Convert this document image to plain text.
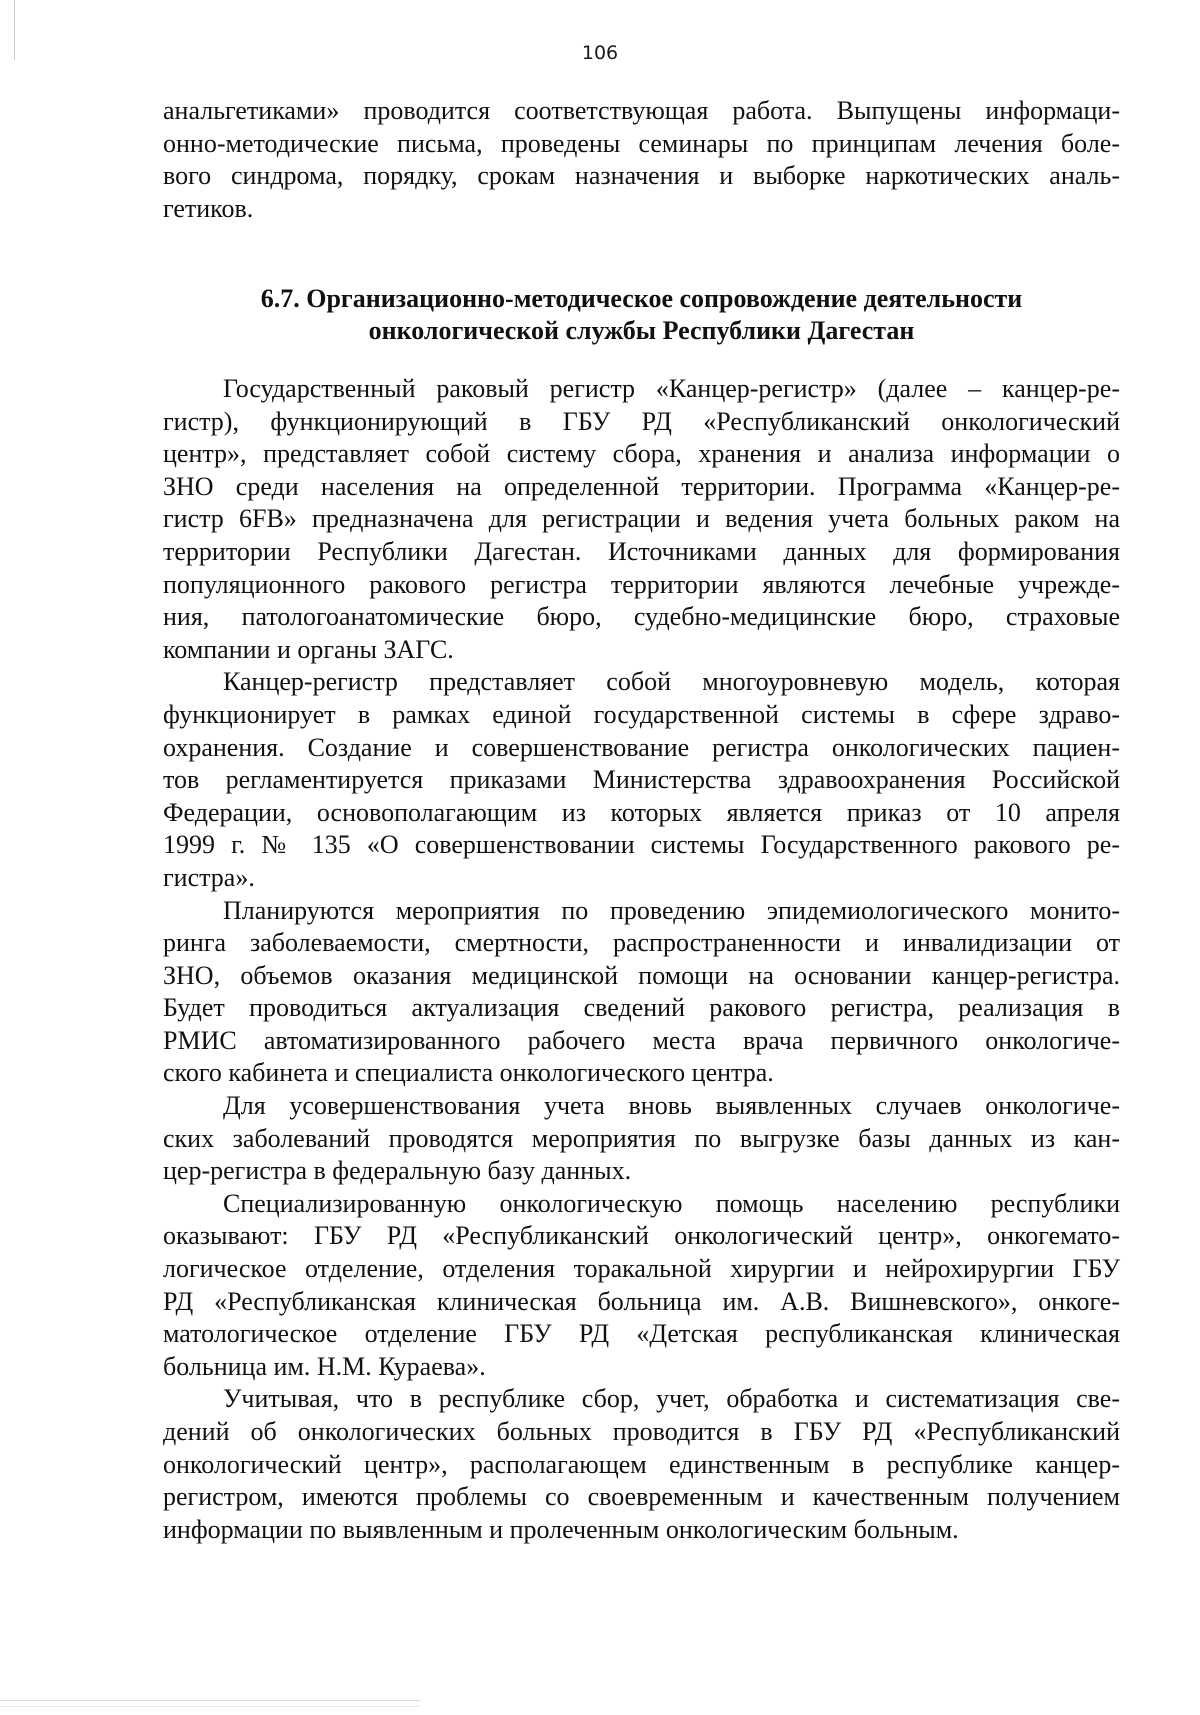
106
анальгетиками» проводится соответствующая работа. Выпущены информаци-
онно-методические письма, проведены семинары по принципам лечения боле-
вого синдрома, порядку, срокам назначения и выборке наркотических аналь-
гетиков.
6.7. Организационно-методическое сопровождение деятельности
онкологической службы Республики Дагестан
Государственный раковый регистр «Канцер-регистр» (далее – канцер-ре-
гистр), функционирующий в ГБУ РД «Республиканский онкологический
центр», представляет собой систему сбора, хранения и анализа информации о
ЗНО среди населения на определенной территории. Программа «Канцер-ре-
гистр 6FB» предназначена для регистрации и ведения учета больных раком на
территории Республики Дагестан. Источниками данных для формирования
популяционного ракового регистра территории являются лечебные учрежде-
ния, патологоанатомические бюро, судебно-медицинские бюро, страховые
компании и органы ЗАГС.
Канцер-регистр представляет собой многоуровневую модель, которая
функционирует в рамках единой государственной системы в сфере здраво-
охранения. Создание и совершенствование регистра онкологических пациен-
тов регламентируется приказами Министерства здравоохранения Российской
Федерации, основополагающим из которых является приказ от 10 апреля
1999 г. № 135 «О совершенствовании системы Государственного ракового ре-
гистра».
Планируются мероприятия по проведению эпидемиологического монито-
ринга заболеваемости, смертности, распространенности и инвалидизации от
ЗНО, объемов оказания медицинской помощи на основании канцер-регистра.
Будет проводиться актуализация сведений ракового регистра, реализация в
РМИС автоматизированного рабочего места врача первичного онкологиче-
ского кабинета и специалиста онкологического центра.
Для усовершенствования учета вновь выявленных случаев онкологиче-
ских заболеваний проводятся мероприятия по выгрузке базы данных из кан-
цер-регистра в федеральную базу данных.
Специализированную онкологическую помощь населению республики
оказывают: ГБУ РД «Республиканский онкологический центр», онкогемато-
логическое отделение, отделения торакальной хирургии и нейрохирургии ГБУ
РД «Республиканская клиническая больница им. А.В. Вишневского», онкоге-
матологическое отделение ГБУ РД «Детская республиканская клиническая
больница им. Н.М. Кураева».
Учитывая, что в республике сбор, учет, обработка и систематизация све-
дений об онкологических больных проводится в ГБУ РД «Республиканский
онкологический центр», располагающем единственным в республике канцер-
регистром, имеются проблемы со своевременным и качественным получением
информации по выявленным и пролеченным онкологическим больным.
